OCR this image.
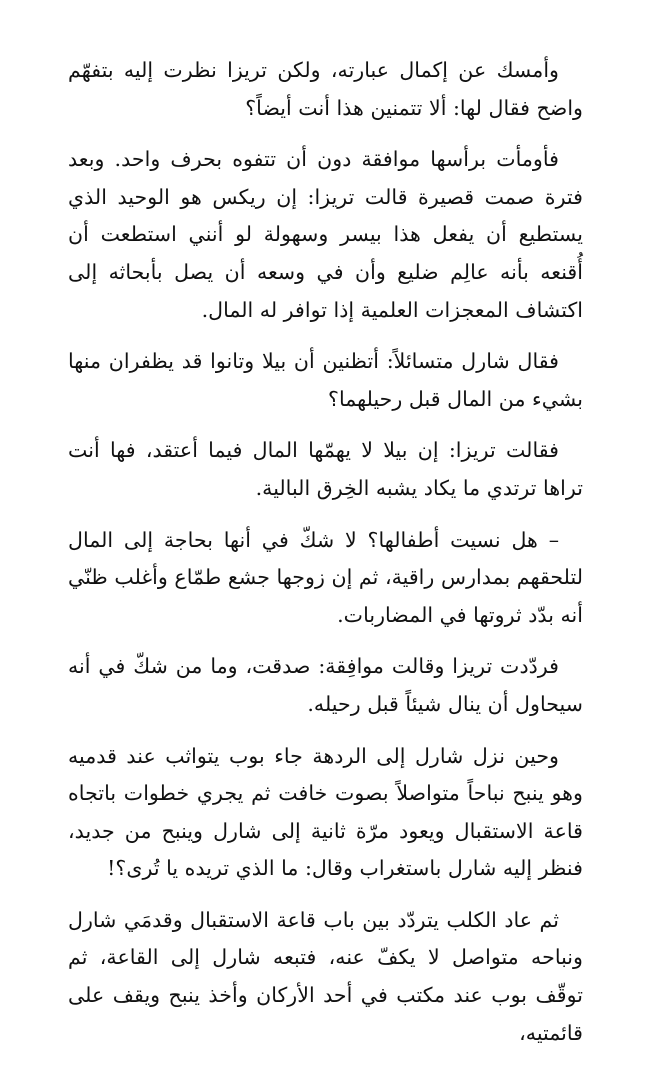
وأمسك عن إكمال عبارته، ولكن تريزا نظرت إليه بتفهّم واضح فقال لها: ألا تتمنين هذا أنت أيضاً؟

فأومأت برأسها موافقة دون أن تتفوه بحرف واحد. وبعد فترة صمت قصيرة قالت تريزا: إن ريكس هو الوحيد الذي يستطيع أن يفعل هذا بيسر وسهولة لو أنني استطعت أن أُقنعه بأنه عالِم ضليع وأن في وسعه أن يصل بأبحاثه إلى اكتشاف المعجزات العلمية إذا توافر له المال.

فقال شارل متسائلاً: أتظنين أن بيلا وتانوا قد يظفران منها بشيء من المال قبل رحيلهما؟

فقالت تريزا: إن بيلا لا يهمّها المال فيما أعتقد، فها أنت تراها ترتدي ما يكاد يشبه الخِرق البالية.

– هل نسيت أطفالها؟ لا شكّ في أنها بحاجة إلى المال لتلحقهم بمدارس راقية، ثم إن زوجها جشع طمّاع وأغلب ظنّي أنه بدّد ثروتها في المضاربات.

فردّدت تريزا وقالت موافِقة: صدقت، وما من شكّ في أنه سيحاول أن ينال شيئاً قبل رحيله.

وحين نزل شارل إلى الردهة جاء بوب يتواثب عند قدميه وهو ينبح نباحاً متواصلاً بصوت خافت ثم يجري خطوات باتجاه قاعة الاستقبال ويعود مرّة ثانية إلى شارل وينبح من جديد، فنظر إليه شارل باستغراب وقال: ما الذي تريده يا تُرى؟!

ثم عاد الكلب يتردّد بين باب قاعة الاستقبال وقدمَي شارل ونباحه متواصل لا يكفّ عنه، فتبعه شارل إلى القاعة، ثم توقّف بوب عند مكتب في أحد الأركان وأخذ ينبح ويقف على قائمتيه،
